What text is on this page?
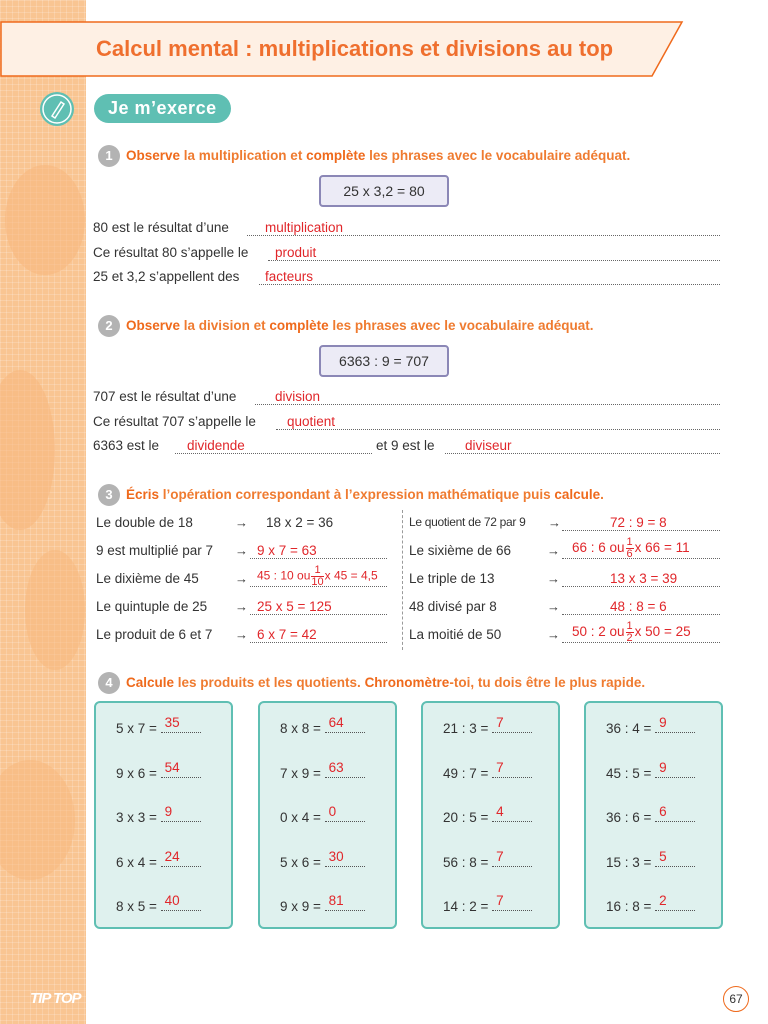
Calcul mental : multiplications et divisions au top
Je m’exerce
1 Observe la multiplication et complète les phrases avec le vocabulaire adéquat.
25 x 3,2 = 80
80 est le résultat d’une	multiplication
Ce résultat 80 s’appelle le produit
25 et 3,2 s’appellent des facteurs
2 Observe la division et complète les phrases avec le vocabulaire adéquat.
6363 : 9 = 707
707 est le résultat d’une	division
Ce résultat 707 s’appelle le quotient
6363 est le dividende	et 9 est le diviseur
3 Écris l’opération correspondant à l’expression mathématique puis calcule.
Le double de 18	→ 18 x 2 = 36
9 est multiplié par 7 → 9 x 7 = 63
Le dixième de 45	→ 45 : 10 ou $\frac{1}{10}$ x 45 = 4,5
Le quintuple de 25 → 25 x 5 = 125
Le produit de 6 et 7 → 6 x 7 = 42
Le quotient de 72 par 9 →	72 : 9 = 8
Le sixième de 66	→ 66 : 6 ou $\frac{1}{6}$ x 66 = 11
Le triple de 13	→	13 x 3 = 39
48 divisé par 8	→	48 : 8 = 6
La moitié de 50	→ 50 : 2 ou $\frac{1}{2}$ x 50 = 25
4 Calcule les produits et les quotients. Chronomètre-toi, tu dois être le plus rapide.
5 x 7 = 35
9 x 6 = 54
3 x 3 = 9
6 x 4 = 24
8 x 5 = 40
8 x 8 = 64
7 x 9 = 63
0 x 4 = 0
5 x 6 = 30
9 x 9 = 81
21 : 3 = 7
49 : 7 = 7
20 : 5 = 4
56 : 8 = 7
14 : 2 = 7
36 : 4 = 9
45 : 5 = 9
36 : 6 = 6
15 : 3 = 5
16 : 8 = 2
TIP TOP	67
